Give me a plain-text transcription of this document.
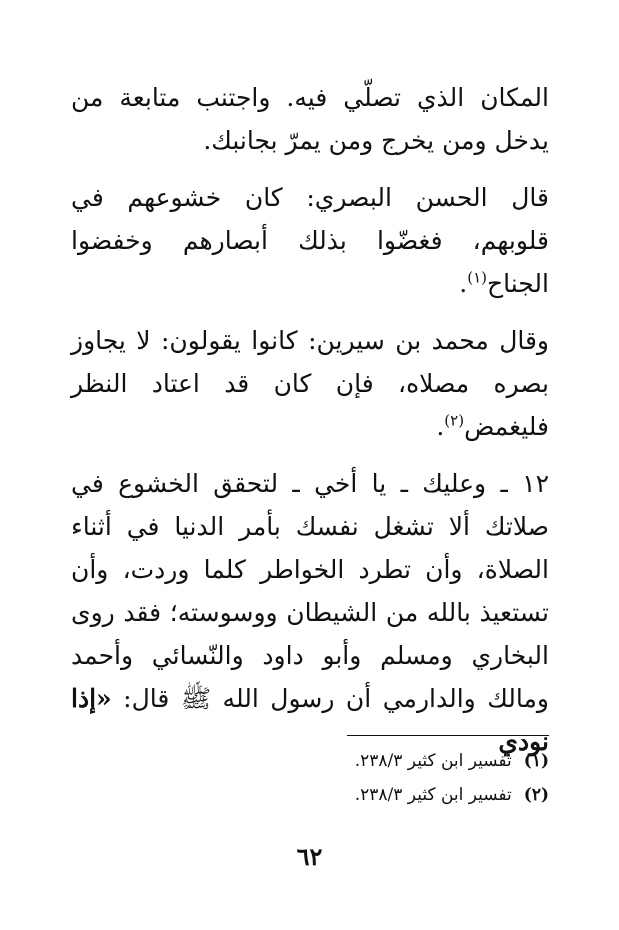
المكان الذي تصلّي فيه. واجتنب متابعة من يدخل ومن يخرج ومن يمرّ بجانبك.

قال الحسن البصري: كان خشوعهم في قلوبهم، فغضّوا بذلك أبصارهم وخفضوا الجناح$^{(١)}$.

وقال محمد بن سيرين: كانوا يقولون: لا يجاوز بصره مصلاه، فإن كان قد اعتاد النظر فليغمض$^{(٢)}$.

١٢ ـ وعليك ـ يا أخي ـ لتحقق الخشوع في صلاتك ألا تشغل نفسك بأمر الدنيا في أثناء الصلاة، وأن تطرد الخواطر كلما وردت، وأن تستعيذ بالله من الشيطان ووسوسته؛ فقد روى البخاري ومسلم وأبو داود والنّسائي وأحمد ومالك والدارمي أن رسول الله ﷺ قال: «إذا نودي

(١)تفسير ابن كثير ٢٣٨/٣.

(٢)تفسير ابن كثير ٢٣٨/٣.

٦٢
